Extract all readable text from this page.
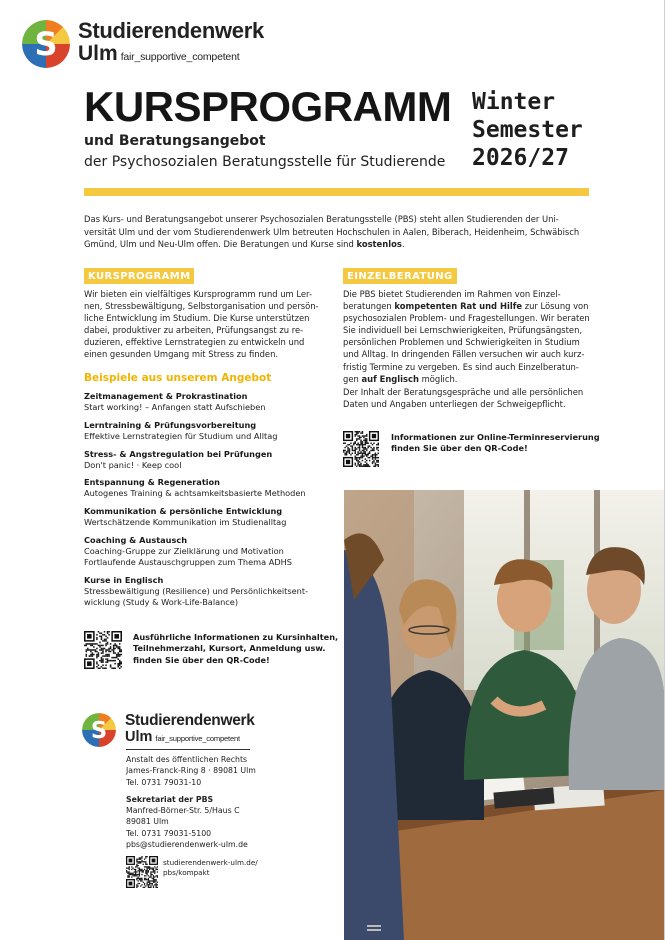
S Studierendenwerk
Ulm fair_supportive_competent
KURSPROGRAMM
und Beratungsangebot
der Psychosozialen Beratungsstelle für Studierende
Winter
Semester
2026/27
Das Kurs- und Beratungsangebot unserer Psychosozialen Beratungsstelle (PBS) steht allen Studierenden der Uni-
versität Ulm und der vom Studierendenwerk Ulm betreuten Hochschulen in Aalen, Biberach, Heidenheim, Schwäbisch
Gmünd, Ulm und Neu-Ulm offen. Die Beratungen und Kurse sind kostenlos.
KURSPROGRAMM
Wir bieten ein vielfältiges Kursprogramm rund um Ler-
nen, Stressbewältigung, Selbstorganisation und persön-
liche Entwicklung im Studium. Die Kurse unterstützen
dabei, produktiver zu arbeiten, Prüfungsangst zu re-
duzieren, effektive Lernstrategien zu entwickeln und
einen gesunden Umgang mit Stress zu finden.
Beispiele aus unserem Angebot
Zeitmanagement & Prokrastination
Start working! – Anfangen statt Aufschieben
Lerntraining & Prüfungsvorbereitung
Effektive Lernstrategien für Studium und Alltag
Stress- & Angstregulation bei Prüfungen
Don't panic! · Keep cool
Entspannung & Regeneration
Autogenes Training & achtsamkeitsbasierte Methoden
Kommunikation & persönliche Entwicklung
Wertschätzende Kommunikation im Studienalltag
Coaching & Austausch
Coaching-Gruppe zur Zielklärung und Motivation
Fortlaufende Austauschgruppen zum Thema ADHS
Kurse in Englisch
Stressbewältigung (Resilience) und Persönlichkeitsent-
wicklung (Study & Work-Life-Balance)
Ausführliche Informationen zu Kursinhalten,
Teilnehmerzahl, Kursort, Anmeldung usw.
finden Sie über den QR-Code!
EINZELBERATUNG
Die PBS bietet Studierenden im Rahmen von Einzel-
beratungen kompetenten Rat und Hilfe zur Lösung von
psychosozialen Problem- und Fragestellungen. Wir beraten
Sie individuell bei Lernschwierigkeiten, Prüfungsängsten,
persönlichen Problemen und Schwierigkeiten in Studium
und Alltag. In dringenden Fällen versuchen wir auch kurz-
fristig Termine zu vergeben. Es sind auch Einzelberatun-
gen auf Englisch möglich.
Der Inhalt der Beratungsgespräche und alle persönlichen
Daten und Angaben unterliegen der Schweigepflicht.
Informationen zur Online-Terminreservierung
finden Sie über den QR-Code!
S Studierendenwerk
Ulm fair_supportive_competent
Anstalt des öffentlichen Rechts
James-Franck-Ring 8 · 89081 Ulm
Tel. 0731 79031-10
Sekretariat der PBS
Manfred-Börner-Str. 5/Haus C
89081 Ulm
Tel. 0731 79031-5100
pbs@studierendenwerk-ulm.de
studierendenwerk-ulm.de/
pbs/kompakt
